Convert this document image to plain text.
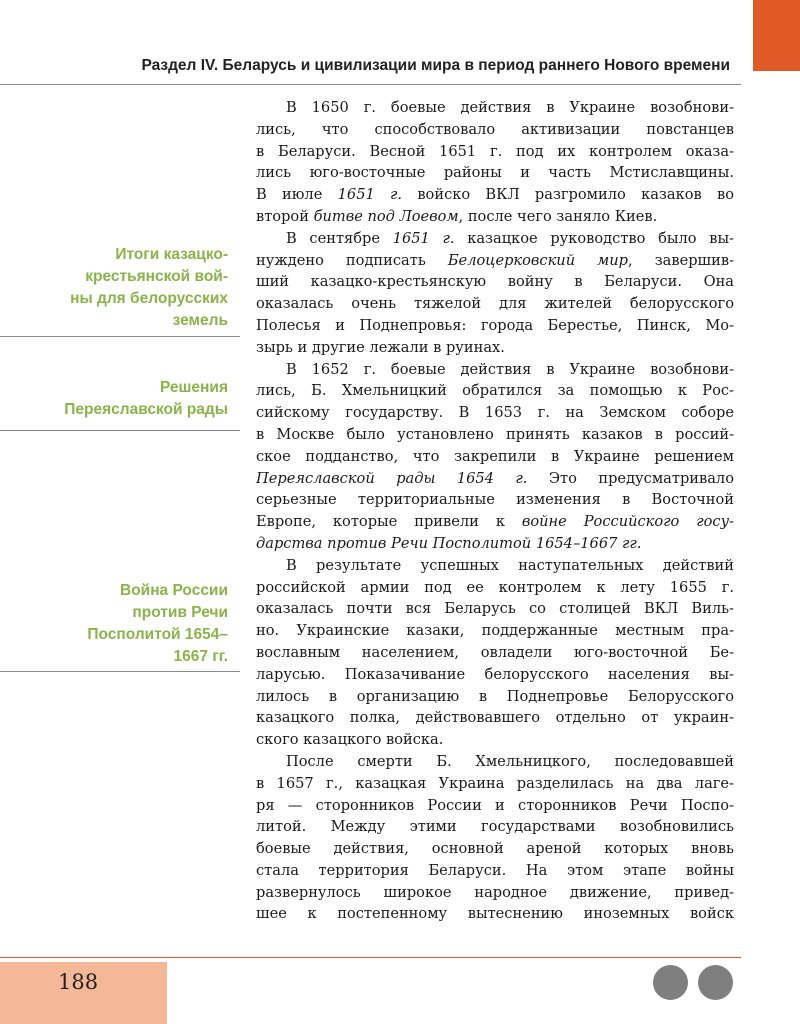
Раздел IV. Беларусь и цивилизации мира в период раннего Нового времени
Итоги казацко-
крестьянской вой-
ны для белорусских
земель
Решения
Переяславской рады
Война России
против Речи
Посполитой 1654–
1667 гг.
В 1650 г. боевые действия в Украине возобнови-
лись, что способствовало активизации повстанцев
в Беларуси. Весной 1651 г. под их контролем оказа-
лись юго-восточные районы и часть Мстиславщины.
В июле 1651 г. войско ВКЛ разгромило казаков во
второй битве под Лоевом, после чего заняло Киев.
В сентябре 1651 г. казацкое руководство было вы-
нуждено подписать Белоцерковский мир, завершив-
ший казацко-крестьянскую войну в Беларуси. Она
оказалась очень тяжелой для жителей белорусского
Полесья и Поднепровья: города Берестье, Пинск, Мо-
зырь и другие лежали в руинах.
В 1652 г. боевые действия в Украине возобнови-
лись, Б. Хмельницкий обратился за помощью к Рос-
сийскому государству. В 1653 г. на Земском соборе
в Москве было установлено принять казаков в россий-
ское подданство, что закрепили в Украине решением
Переяславской рады 1654 г. Это предусматривало
серьезные территориальные изменения в Восточной
Европе, которые привели к войне Российского госу-
дарства против Речи Посполитой 1654–1667 гг.
В результате успешных наступательных действий
российской армии под ее контролем к лету 1655 г.
оказалась почти вся Беларусь со столицей ВКЛ Виль-
но. Украинские казаки, поддержанные местным пра-
вославным населением, овладели юго-восточной Бе-
ларусью. Показачивание белорусского населения вы-
лилось в организацию в Поднепровье Белорусского
казацкого полка, действовавшего отдельно от украин-
ского казацкого войска.
После смерти Б. Хмельницкого, последовавшей
в 1657 г., казацкая Украина разделилась на два лаге-
ря — сторонников России и сторонников Речи Поспо-
литой. Между этими государствами возобновились
боевые действия, основной ареной которых вновь
стала территория Беларуси. На этом этапе войны
развернулось широкое народное движение, привед-
шее к постепенному вытеснению иноземных войск
188
